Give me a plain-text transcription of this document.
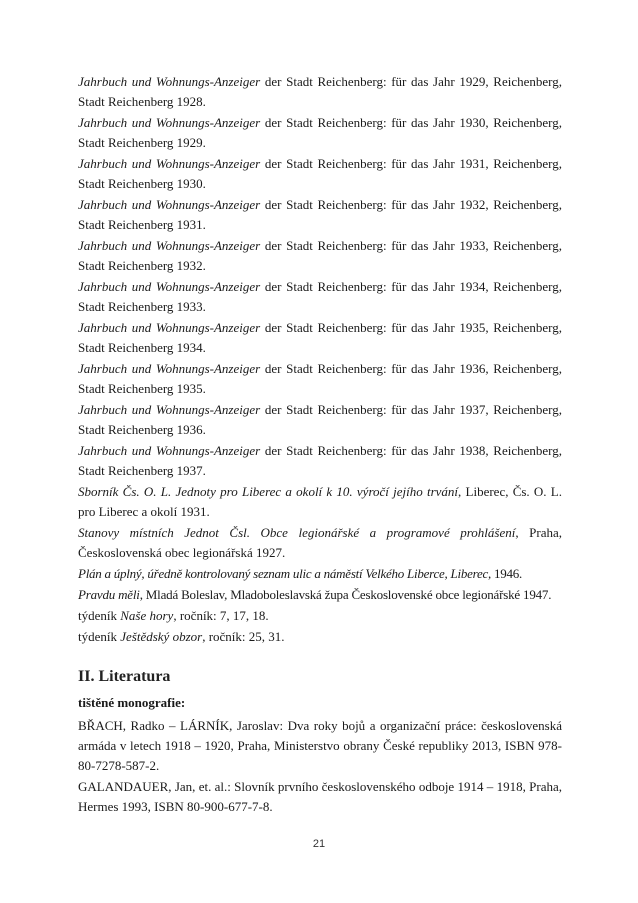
Jahrbuch und Wohnungs-Anzeiger der Stadt Reichenberg: für das Jahr 1929, Reichenberg, Stadt Reichenberg 1928.

Jahrbuch und Wohnungs-Anzeiger der Stadt Reichenberg: für das Jahr 1930, Reichenberg, Stadt Reichenberg 1929.

Jahrbuch und Wohnungs-Anzeiger der Stadt Reichenberg: für das Jahr 1931, Reichenberg, Stadt Reichenberg 1930.

Jahrbuch und Wohnungs-Anzeiger der Stadt Reichenberg: für das Jahr 1932, Reichenberg, Stadt Reichenberg 1931.

Jahrbuch und Wohnungs-Anzeiger der Stadt Reichenberg: für das Jahr 1933, Reichenberg, Stadt Reichenberg 1932.

Jahrbuch und Wohnungs-Anzeiger der Stadt Reichenberg: für das Jahr 1934, Reichenberg, Stadt Reichenberg 1933.

Jahrbuch und Wohnungs-Anzeiger der Stadt Reichenberg: für das Jahr 1935, Reichenberg, Stadt Reichenberg 1934.

Jahrbuch und Wohnungs-Anzeiger der Stadt Reichenberg: für das Jahr 1936, Reichenberg, Stadt Reichenberg 1935.

Jahrbuch und Wohnungs-Anzeiger der Stadt Reichenberg: für das Jahr 1937, Reichenberg, Stadt Reichenberg 1936.

Jahrbuch und Wohnungs-Anzeiger der Stadt Reichenberg: für das Jahr 1938, Reichenberg, Stadt Reichenberg 1937.

Sborník Čs. O. L. Jednoty pro Liberec a okolí k 10. výročí jejího trvání, Liberec, Čs. O. L. pro Liberec a okolí 1931.

Stanovy místních Jednot Čsl. Obce legionářské a programové prohlášení, Praha, Československá obec legionářská 1927.

Plán a úplný, úředně kontrolovaný seznam ulic a náměstí Velkého Liberce, Liberec, 1946.

Pravdu měli, Mladá Boleslav, Mladoboleslavská župa Československé obce legionářské 1947.

týdeník Naše hory, ročník: 7, 17, 18.

týdeník Ještědský obzor, ročník: 25, 31.

II. Literatura

tištěné monografie:

BŘACH, Radko – LÁRNÍK, Jaroslav: Dva roky bojů a organizační práce: československá armáda v letech 1918 – 1920, Praha, Ministerstvo obrany České republiky 2013, ISBN 978-80-7278-587-2.

GALANDAUER, Jan, et. al.: Slovník prvního československého odboje 1914 – 1918, Praha, Hermes 1993, ISBN 80-900-677-7-8.

21
